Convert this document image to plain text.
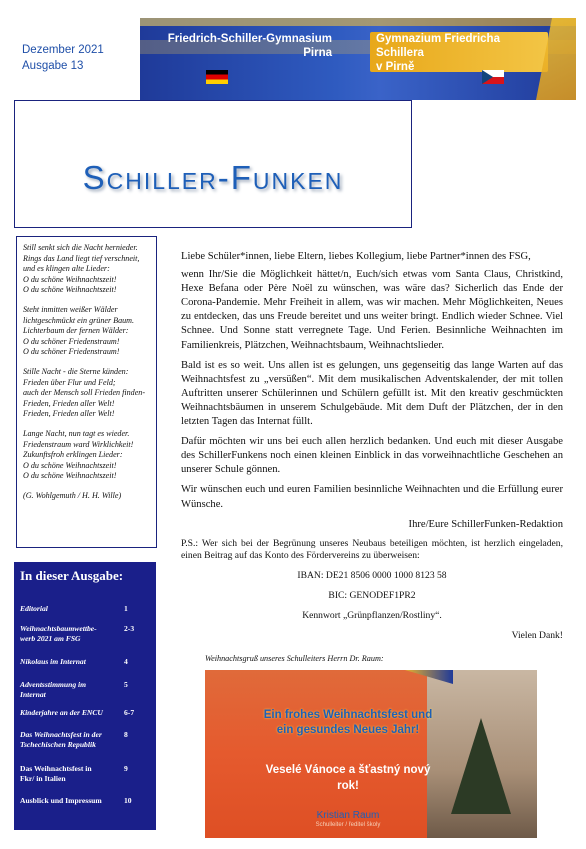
Dezember 2021
Ausgabe 13
Friedrich-Schiller-Gymnasium
Pirna
Gymnazium Friedricha Schillera
v Pirně
Schiller-Funken

Still senkt sich die Nacht hernieder.
Rings das Land liegt tief verschneit,
und es klingen alte Lieder:
O du schöne Weihnachtszeit!
O du schöne Weihnachtszeit!

Steht inmitten weißer Wälder
lichtgeschmückt ein grüner Baum.
Lichterbaum der fernen Wälder:
O du schöner Friedenstraum!
O du schöner Friedenstraum!

Stille Nacht - die Sterne künden:
Frieden über Flur und Feld;
auch der Mensch soll Frieden finden-
Frieden, Frieden aller Welt!
Frieden, Frieden aller Welt!

Lange Nacht, nun tagt es wieder.
Friedenstraum ward Wirklichkeit!
Zukunftsfroh erklingen Lieder:
O du schöne Weihnachtszeit!
O du schöne Weihnachtszeit!

(G. Wohlgemuth / H. H. Wille)

In dieser Ausgabe:
Editorial	1
Weihnachtsbaumwettbe-
werb 2021 am FSG
2-3
Nikolaus im Internat	4
Adventsstimmung im
Internat
5
Kinderjahre an der ENCU	6-7
Das Weihnachtsfest in der
Tschechischen Republik
8
Das Weihnachtsfest in
Fkr/ in Italien
9
Ausblick und Impressum	10

Liebe Schüler*innen, liebe Eltern, liebes Kollegium, liebe Partner*innen des FSG,

wenn Ihr/Sie die Möglichkeit hättet/n, Euch/sich etwas vom Santa Claus, Christkind, Hexe Befana oder Père Noël zu wünschen, was wäre das? Sicherlich das Ende der Corona-Pandemie. Mehr Freiheit in allem, was wir machen. Mehr Möglichkeiten, Neues zu entdecken, das uns Freude bereitet und uns weiter bringt. Endlich wieder Schnee. Viel Schnee. Und Sonne statt verregnete Tage. Und Ferien. Besinnliche Weihnachten im Familienkreis, Plätzchen, Weihnachtsbaum, Weihnachtslieder.

Bald ist es so weit. Uns allen ist es gelungen, uns gegenseitig das lange Warten auf das Weihnachtsfest zu „versüßen“. Mit dem musikalischen Adventskalender, der mit tollen Auftritten unserer Schülerinnen und Schülern gefüllt ist. Mit den kreativ geschmückten Weihnachtsbäumen in unserem Schulgebäude. Mit dem Duft der Plätzchen, der in den letzten Tagen das Internat füllt.

Dafür möchten wir uns bei euch allen herzlich bedanken. Und euch mit dieser Ausgabe des SchillerFunkens noch einen kleinen Einblick in das vorweihnachtliche Geschehen an unserer Schule gönnen.

Wir wünschen euch und euren Familien besinnliche Weihnachten und die Erfüllung eurer Wünsche.

Ihre/Eure SchillerFunken-Redaktion

P.S.: Wer sich bei der Begrünung unseres Neubaus beteiligen möchten, ist herzlich eingeladen, einen Beitrag auf das Konto des Fördervereins zu überweisen:

IBAN: DE21 8506 0000 1000 8123 58

BIC: GENODEF1PR2

Kennwort „Grünpflanzen/Rostliny“.

Vielen Dank!

Weihnachtsgruß unseres Schulleiters Herrn Dr. Raum:
Ein frohes Weihnachtsfest und
ein gesundes Neues Jahr!
Veselé Vánoce a šťastný nový
rok!
Kristian Raum
Schulleiter / ředitel školy
